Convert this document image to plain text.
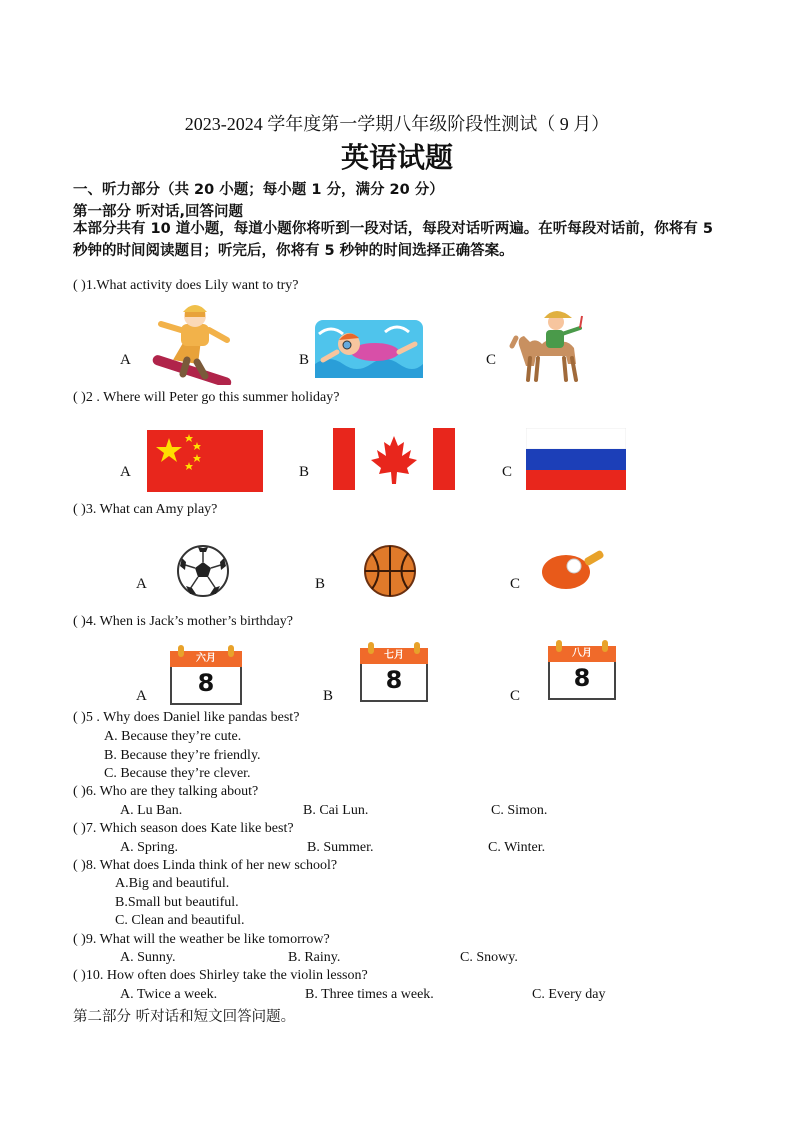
2023-2024 学年度第一学期八年级阶段性测试（ 9 月）
英语试题
一、听力部分（共 20 小题；每小题 1 分，满分 20 分）
第一部分 听对话,回答问题
本部分共有 10 道小题，每道小题你将听到一段对话，每段对话听两遍。在听每段对话前，你将有 5 秒钟的时间阅读题目；听完后，你将有 5 秒钟的时间选择正确答案。
( )1.What activity does Lily want to try?
A	B	C
( )2 . Where will Peter go this summer holiday?
A	B	C
( )3. What can Amy play?
A	B	C
( )4. When is Jack’s mother’s birthday?
A
六月
8	B
七月
8
C
八月
8
( )5 . Why does Daniel like pandas best?
A. Because they’re cute.
B. Because they’re friendly.
C. Because they’re clever.
( )6. Who are they talking about?
A. Lu Ban.	B. Cai Lun.	C. Simon.
( )7. Which season does Kate like best?
A. Spring.	B. Summer.	C. Winter.
( )8. What does Linda think of her new school?
A.Big and beautiful.
B.Small but beautiful.
C. Clean and beautiful.
( )9. What will the weather be like tomorrow?
A. Sunny.	B. Rainy.	C. Snowy.
( )10. How often does Shirley take the violin lesson?
A. Twice a week.	B. Three times a week.	C. Every day
第二部分 听对话和短文回答问题。
